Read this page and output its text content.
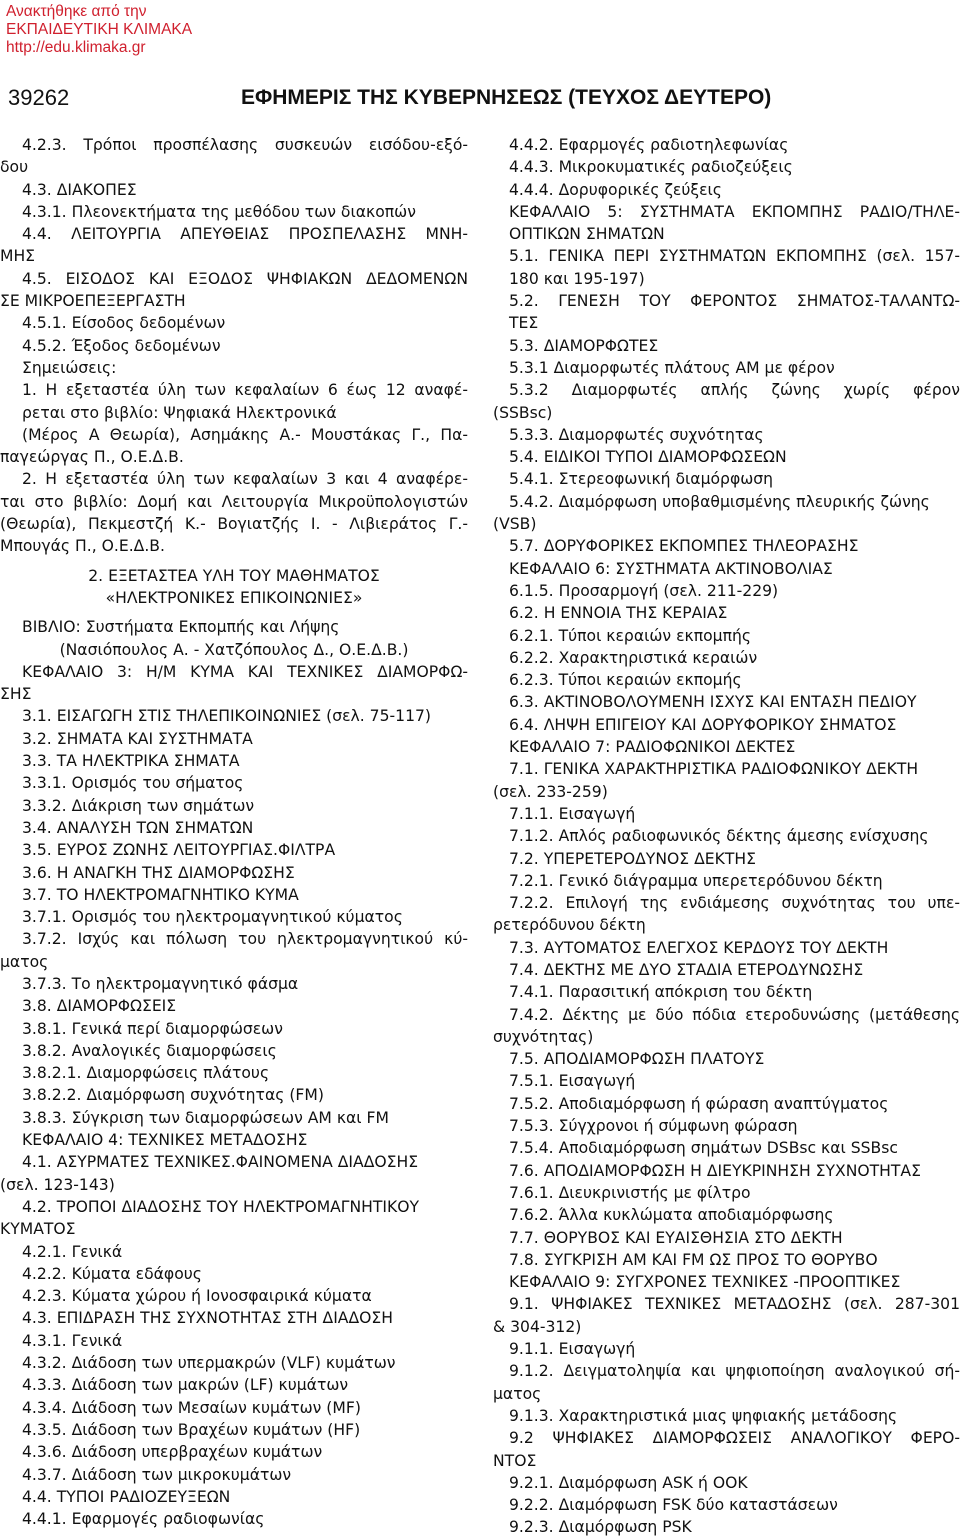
Ανακτήθηκε από την
ΕΚΠΑΙΔΕΥΤΙΚΗ ΚΛΙΜΑΚΑ
http://edu.klimaka.gr
39262	ΕΦΗΜΕΡΙΣ ΤΗΣ ΚΥΒΕΡΝΗΣΕΩΣ (ΤΕΥΧΟΣ ΔΕΥΤΕΡΟ)
4.2.3. Τρόποι προσπέλασης συσκευών εισόδου-εξό-
δου
4.3. ΔΙΑΚΟΠΕΣ
4.3.1. Πλεονεκτήματα της μεθόδου των διακοπών
4.4. ΛΕΙΤΟΥΡΓΙΑ ΑΠΕΥΘΕΙΑΣ ΠΡΟΣΠΕΛΑΣΗΣ ΜΝΗ-
ΜΗΣ
4.5. ΕΙΣΟΔΟΣ ΚΑΙ ΕΞΟΔΟΣ ΨΗΦΙΑΚΩΝ ΔΕΔΟΜΕΝΩΝ
ΣΕ ΜΙΚΡΟΕΠΕΞΕΡΓΑΣΤΗ
4.5.1. Είσοδος δεδομένων
4.5.2. Έξοδος δεδομένων
Σημειώσεις:
1. Η εξεταστέα ύλη των κεφαλαίων 6 έως 12 αναφέ-
ρεται στο βιβλίο: Ψηφιακά Ηλεκτρονικά
(Μέρος Α Θεωρία), Ασημάκης Α.- Μουστάκας Γ., Πα-
παγεώργας Π., Ο.Ε.Δ.Β.
2. Η εξεταστέα ύλη των κεφαλαίων 3 και 4 αναφέρε-
ται στο βιβλίο: Δομή και Λειτουργία Μικροϋπολογιστών
(Θεωρία), Πεκμεστζή Κ.- Βογιατζής Ι. - Λιβιεράτος Γ.-
Μπουγάς Π., Ο.Ε.Δ.Β.
2. ΕΞΕΤΑΣΤΕΑ ΥΛΗ ΤΟΥ ΜΑΘΗΜΑΤΟΣ
«ΗΛΕΚΤΡΟΝΙΚΕΣ ΕΠΙΚΟΙΝΩΝΙΕΣ»
ΒΙΒΛΙΟ: Συστήματα Εκπομπής και Λήψης
(Νασιόπουλος Α. - Χατζόπουλος Δ., Ο.Ε.Δ.Β.)
ΚΕΦΑΛΑΙΟ 3: Η/Μ ΚΥΜΑ ΚΑΙ ΤΕΧΝΙΚΕΣ ΔΙΑΜΟΡΦΩ-
ΣΗΣ
3.1. ΕΙΣΑΓΩΓΗ ΣΤΙΣ ΤΗΛΕΠΙΚΟΙΝΩΝΙΕΣ (σελ. 75-117)
3.2. ΣΗΜΑΤΑ ΚΑΙ ΣΥΣΤΗΜΑΤΑ
3.3. ΤΑ ΗΛΕΚΤΡΙΚΑ ΣΗΜΑΤΑ
3.3.1. Ορισμός του σήματος
3.3.2. Διάκριση των σημάτων
3.4. ΑΝΑΛΥΣΗ ΤΩΝ ΣΗΜΑΤΩΝ
3.5. ΕΥΡΟΣ ΖΩΝΗΣ ΛΕΙΤΟΥΡΓΙΑΣ.ΦΙΛΤΡΑ
3.6. Η ΑΝΑΓΚΗ ΤΗΣ ΔΙΑΜΟΡΦΩΣΗΣ
3.7. ΤΟ ΗΛΕΚΤΡΟΜΑΓΝΗΤΙΚΟ ΚΥΜΑ
3.7.1. Ορισμός του ηλεκτρομαγνητικού κύματος
3.7.2. Ισχύς και πόλωση του ηλεκτρομαγνητικού κύ-
ματος
3.7.3. Το ηλεκτρομαγνητικό φάσμα
3.8. ΔΙΑΜΟΡΦΩΣΕΙΣ
3.8.1. Γενικά περί διαμορφώσεων
3.8.2. Αναλογικές διαμορφώσεις
3.8.2.1. Διαμορφώσεις πλάτους
3.8.2.2. Διαμόρφωση συχνότητας (FM)
3.8.3. Σύγκριση των διαμορφώσεων AM και FM
ΚΕΦΑΛΑΙΟ 4: ΤΕΧΝΙΚΕΣ ΜΕΤΑΔΟΣΗΣ
4.1. ΑΣΥΡΜΑΤΕΣ ΤΕΧΝΙΚΕΣ.ΦΑΙΝΟΜΕΝΑ ΔΙΑΔΟΣΗΣ
(σελ. 123-143)
4.2. ΤΡΟΠΟΙ ΔΙΑΔΟΣΗΣ ΤΟΥ ΗΛΕΚΤΡΟΜΑΓΝΗΤΙΚΟΥ
ΚΥΜΑΤΟΣ
4.2.1. Γενικά
4.2.2. Κύματα εδάφους
4.2.3. Κύματα χώρου ή Ιονοσφαιρικά κύματα
4.3. ΕΠΙΔΡΑΣΗ ΤΗΣ ΣΥΧΝΟΤΗΤΑΣ ΣΤΗ ΔΙΑΔΟΣΗ
4.3.1. Γενικά
4.3.2. Διάδοση των υπερμακρών (VLF) κυμάτων
4.3.3. Διάδοση των μακρών (LF) κυμάτων
4.3.4. Διάδοση των Μεσαίων κυμάτων (MF)
4.3.5. Διάδοση των Βραχέων κυμάτων (HF)
4.3.6. Διάδοση υπερβραχέων κυμάτων
4.3.7. Διάδοση των μικροκυμάτων
4.4. ΤΥΠΟΙ ΡΑΔΙΟΖΕΥΞΕΩΝ
4.4.1. Εφαρμογές ραδιοφωνίας
4.4.2. Εφαρμογές ραδιοτηλεφωνίας
4.4.3. Μικροκυματικές ραδιοζεύξεις
4.4.4. Δορυφορικές ζεύξεις
ΚΕΦΑΛΑΙΟ 5: ΣΥΣΤΗΜΑΤΑ ΕΚΠΟΜΠΗΣ ΡΑΔΙΟ/ΤΗΛΕ-
ΟΠΤΙΚΩΝ ΣΗΜΑΤΩΝ
5.1. ΓΕΝΙΚΑ ΠΕΡΙ ΣΥΣΤΗΜΑΤΩΝ ΕΚΠΟΜΠΗΣ (σελ. 157-
180 και 195-197)
5.2. ΓΕΝΕΣΗ ΤΟΥ ΦΕΡΟΝΤΟΣ ΣΗΜΑΤΟΣ-ΤΑΛΑΝΤΩ-
ΤΕΣ
5.3. ΔΙΑΜΟΡΦΩΤΕΣ
5.3.1 Διαμορφωτές πλάτους AM με φέρον
5.3.2 Διαμορφωτές απλής ζώνης χωρίς φέρον
(SSBsc)
5.3.3. Διαμορφωτές συχνότητας
5.4. ΕΙΔΙΚΟΙ ΤΥΠΟΙ ΔΙΑΜΟΡΦΩΣΕΩΝ
5.4.1. Στερεοφωνική διαμόρφωση
5.4.2. Διαμόρφωση υποβαθμισμένης πλευρικής ζώνης
(VSB)
5.7. ΔΟΡΥΦΟΡΙΚΕΣ ΕΚΠΟΜΠΕΣ ΤΗΛΕΟΡΑΣΗΣ
ΚΕΦΑΛΑΙΟ 6: ΣΥΣΤΗΜΑΤΑ ΑΚΤΙΝΟΒΟΛΙΑΣ
6.1.5. Προσαρμογή (σελ. 211-229)
6.2. Η ΕΝΝΟΙΑ ΤΗΣ ΚΕΡΑΙΑΣ
6.2.1. Τύποι κεραιών εκπομπής
6.2.2. Χαρακτηριστικά κεραιών
6.2.3. Τύποι κεραιών εκπομής
6.3. ΑΚΤΙΝΟΒΟΛΟΥΜΕΝΗ ΙΣΧΥΣ ΚΑΙ ΕΝΤΑΣΗ ΠΕΔΙΟΥ
6.4. ΛΗΨΗ ΕΠΙΓΕΙΟΥ ΚΑΙ ΔΟΡΥΦΟΡΙΚΟΥ ΣΗΜΑΤΟΣ
ΚΕΦΑΛΑΙΟ 7: ΡΑΔΙΟΦΩΝΙΚΟΙ ΔΕΚΤΕΣ
7.1. ΓΕΝΙΚΑ ΧΑΡΑΚΤΗΡΙΣΤΙΚΑ ΡΑΔΙΟΦΩΝΙΚΟΥ ΔΕΚΤΗ
(σελ. 233-259)
7.1.1. Εισαγωγή
7.1.2. Απλός ραδιοφωνικός δέκτης άμεσης ενίσχυσης
7.2. ΥΠΕΡΕΤΕΡΟΔΥΝΟΣ ΔΕΚΤΗΣ
7.2.1. Γενικό διάγραμμα υπερετερόδυνου δέκτη
7.2.2. Επιλογή της ενδιάμεσης συχνότητας του υπε-
ρετερόδυνου δέκτη
7.3. ΑΥΤΟΜΑΤΟΣ ΕΛΕΓΧΟΣ ΚΕΡΔΟΥΣ ΤΟΥ ΔΕΚΤΗ
7.4. ΔΕΚΤΗΣ ΜΕ ΔΥΟ ΣΤΑΔΙΑ ΕΤΕΡΟΔΥΝΩΣΗΣ
7.4.1. Παρασιτική απόκριση του δέκτη
7.4.2. Δέκτης με δύο πόδια ετεροδυνώσης (μετάθεσης
συχνότητας)
7.5. ΑΠΟΔΙΑΜΟΡΦΩΣΗ ΠΛΑΤΟΥΣ
7.5.1. Εισαγωγή
7.5.2. Αποδιαμόρφωση ή φώραση αναπτύγματος
7.5.3. Σύγχρονοι ή σύμφωνη φώραση
7.5.4. Αποδιαμόρφωση σημάτων DSBsc και SSBsc
7.6. ΑΠΟΔΙΑΜΟΡΦΩΣΗ Η ΔΙΕΥΚΡΙΝΗΣΗ ΣΥΧΝΟΤΗΤΑΣ
7.6.1. Διευκρινιστής με φίλτρο
7.6.2. Άλλα κυκλώματα αποδιαμόρφωσης
7.7. ΘΟΡΥΒΟΣ ΚΑΙ ΕΥΑΙΣΘΗΣΙΑ ΣΤΟ ΔΕΚΤΗ
7.8. ΣΥΓΚΡΙΣΗ AM ΚΑΙ FM ΩΣ ΠΡΟΣ ΤΟ ΘΟΡΥΒΟ
ΚΕΦΑΛΑΙΟ 9: ΣΥΓΧΡΟΝΕΣ ΤΕΧΝΙΚΕΣ -ΠΡΟΟΠΤΙΚΕΣ
9.1. ΨΗΦΙΑΚΕΣ ΤΕΧΝΙΚΕΣ ΜΕΤΑΔΟΣΗΣ (σελ. 287-301
& 304-312)
9.1.1. Εισαγωγή
9.1.2. Δειγματοληψία και ψηφιοποίηση αναλογικού σή-
ματος
9.1.3. Χαρακτηριστικά μιας ψηφιακής μετάδοσης
9.2 ΨΗΦΙΑΚΕΣ ΔΙΑΜΟΡΦΩΣΕΙΣ ΑΝΑΛΟΓΙΚΟΥ ΦΕΡΟ-
ΝΤΟΣ
9.2.1. Διαμόρφωση ASK ή OOK
9.2.2. Διαμόρφωση FSK δύο καταστάσεων
9.2.3. Διαμόρφωση PSK
